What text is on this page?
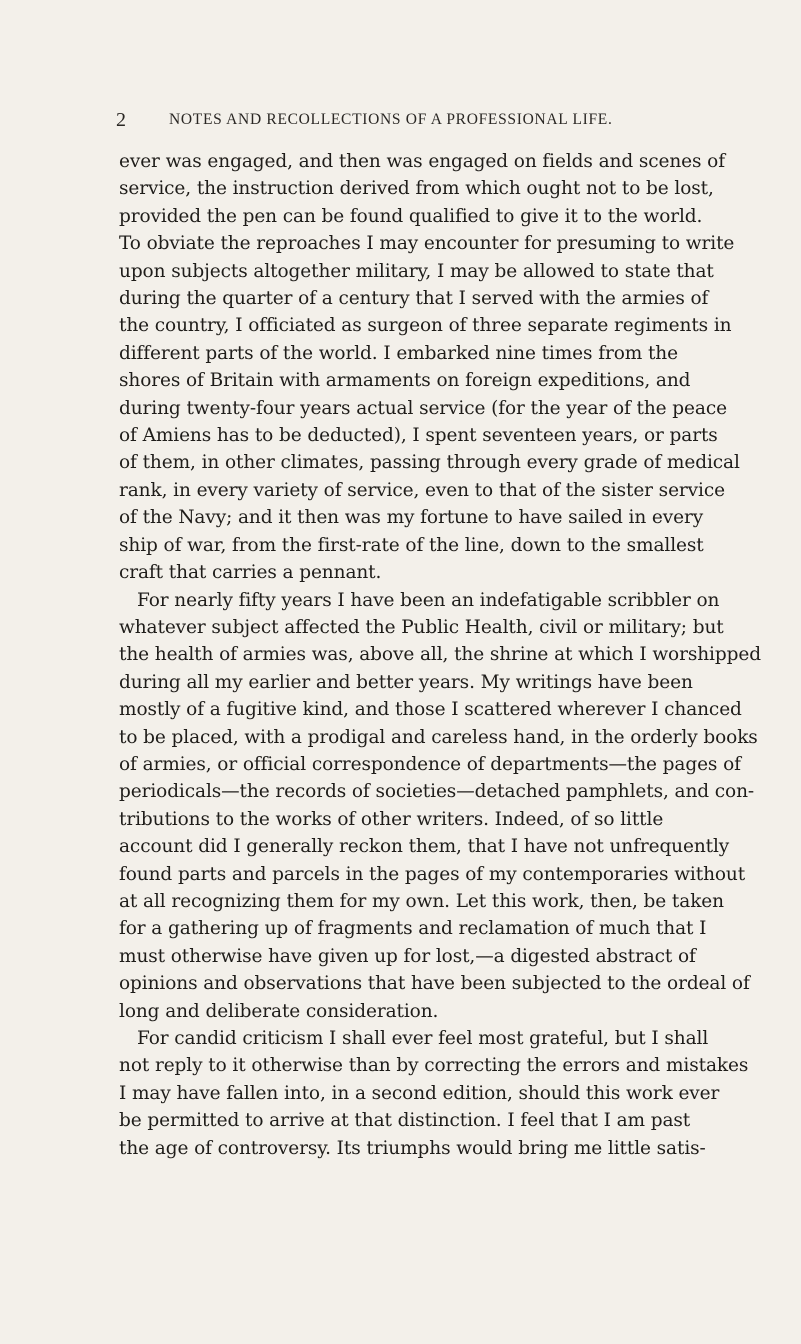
2	NOTES AND RECOLLECTIONS OF A PROFESSIONAL LIFE.
ever was engaged, and then was engaged on fields and scenes of
service, the instruction derived from which ought not to be lost,
provided the pen can be found qualified to give it to the world.
To obviate the reproaches I may encounter for presuming to write
upon subjects altogether military, I may be allowed to state that
during the quarter of a century that I served with the armies of
the country, I officiated as surgeon of three separate regiments in
different parts of the world. I embarked nine times from the
shores of Britain with armaments on foreign expeditions, and
during twenty-four years actual service (for the year of the peace
of Amiens has to be deducted), I spent seventeen years, or parts
of them, in other climates, passing through every grade of medical
rank, in every variety of service, even to that of the sister service
of the Navy; and it then was my fortune to have sailed in every
ship of war, from the first-rate of the line, down to the smallest
craft that carries a pennant.
For nearly fifty years I have been an indefatigable scribbler on
whatever subject affected the Public Health, civil or military; but
the health of armies was, above all, the shrine at which I worshipped
during all my earlier and better years. My writings have been
mostly of a fugitive kind, and those I scattered wherever I chanced
to be placed, with a prodigal and careless hand, in the orderly books
of armies, or official correspondence of departments—the pages of
periodicals—the records of societies—detached pamphlets, and con-
tributions to the works of other writers. Indeed, of so little
account did I generally reckon them, that I have not unfrequently
found parts and parcels in the pages of my contemporaries without
at all recognizing them for my own. Let this work, then, be taken
for a gathering up of fragments and reclamation of much that I
must otherwise have given up for lost,—a digested abstract of
opinions and observations that have been subjected to the ordeal of
long and deliberate consideration.
For candid criticism I shall ever feel most grateful, but I shall
not reply to it otherwise than by correcting the errors and mistakes
I may have fallen into, in a second edition, should this work ever
be permitted to arrive at that distinction. I feel that I am past
the age of controversy. Its triumphs would bring me little satis-
